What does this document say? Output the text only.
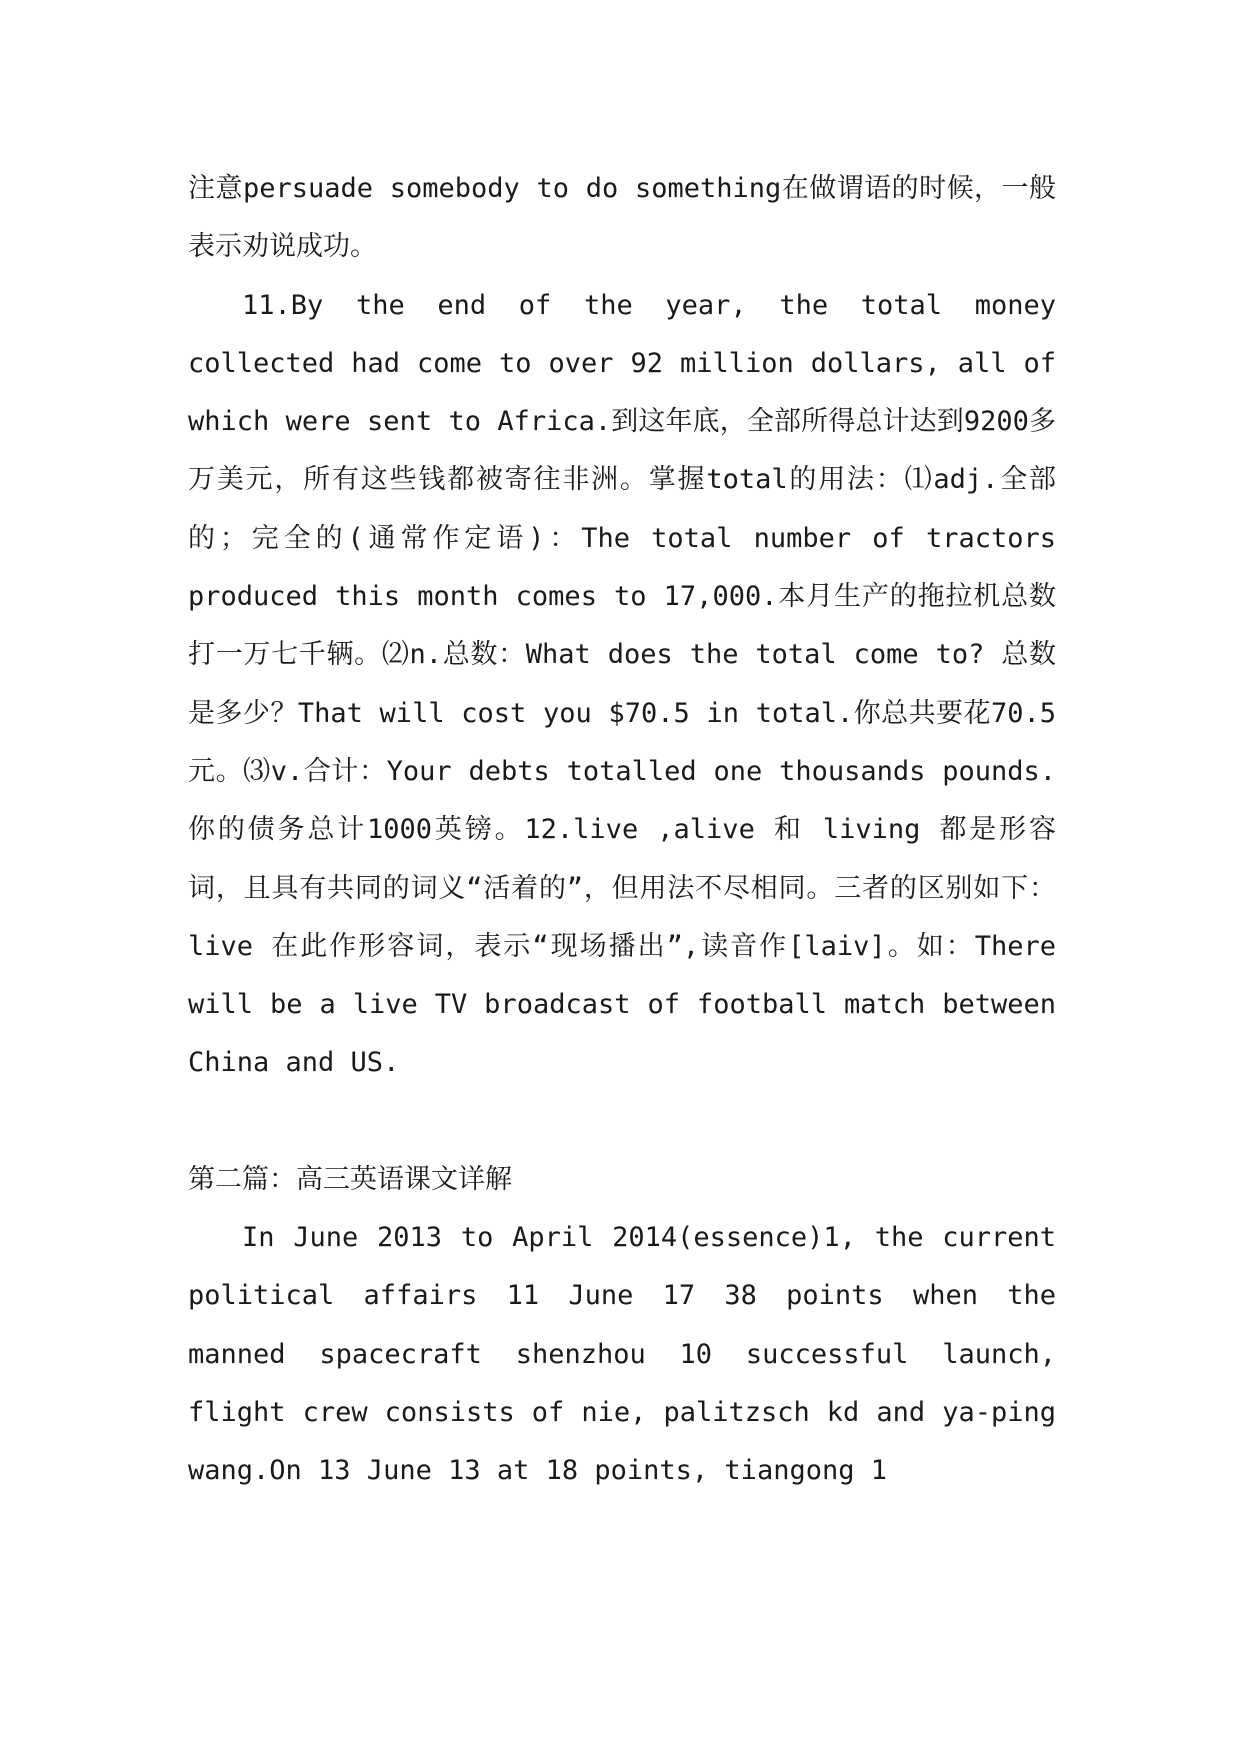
注意persuade somebody to do something在做谓语的时候，一般表示劝说成功。

11.By the end of the year, the total money collected had come to over 92 million dollars, all of which were sent to Africa.到这年底，全部所得总计达到9200多万美元，所有这些钱都被寄往非洲。掌握total的用法：⑴adj.全部的；完全的(通常作定语)：The total number of tractors produced this month comes to 17,000.本月生产的拖拉机总数打一万七千辆。⑵n.总数：What does the total come to? 总数是多少？That will cost you $70.5 in total.你总共要花70.5元。⑶v.合计：Your debts totalled one thousands pounds.你的债务总计1000英镑。12.live ,alive 和 living 都是形容词，且具有共同的词义“活着的”，但用法不尽相同。三者的区别如下：live 在此作形容词，表示“现场播出”,读音作[laiv]。如：There will be a live TV broadcast of football match between China and US.

第二篇：高三英语课文详解

In June 2013 to April 2014(essence)1, the current political affairs 11 June 17 38 points when the manned spacecraft shenzhou 10 successful launch, flight crew consists of nie, palitzsch kd and ya-ping wang.On 13 June 13 at 18 points, tiangong 1
